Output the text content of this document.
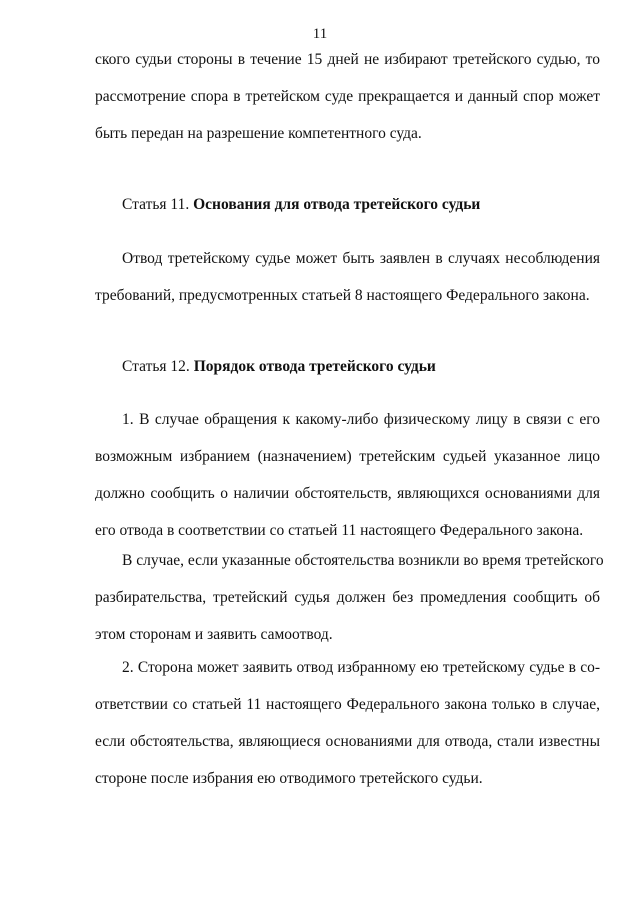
11
ского судьи стороны в течение 15 дней не избирают третейского судью, то
рассмотрение спора в третейском суде прекращается и данный спор может
быть передан на разрешение компетентного суда.
Статья 11. Основания для отвода третейского судьи
Отвод третейскому судье может быть заявлен в случаях несоблюдения
требований, предусмотренных статьей 8 настоящего Федерального закона.
Статья 12. Порядок отвода третейского судьи
1. В случае обращения к какому-либо физическому лицу в связи с его
возможным избранием (назначением) третейским судьей указанное лицо
должно сообщить о наличии обстоятельств, являющихся основаниями для
его отвода в соответствии со статьей 11 настоящего Федерального закона.
В случае, если указанные обстоятельства возникли во время третейского
разбирательства, третейский судья должен без промедления сообщить об
этом сторонам и заявить самоотвод.
2. Сторона может заявить отвод избранному ею третейскому судье в со-
ответствии со статьей 11 настоящего Федерального закона только в случае,
если обстоятельства, являющиеся основаниями для отвода, стали известны
стороне после избрания ею отводимого третейского судьи.
